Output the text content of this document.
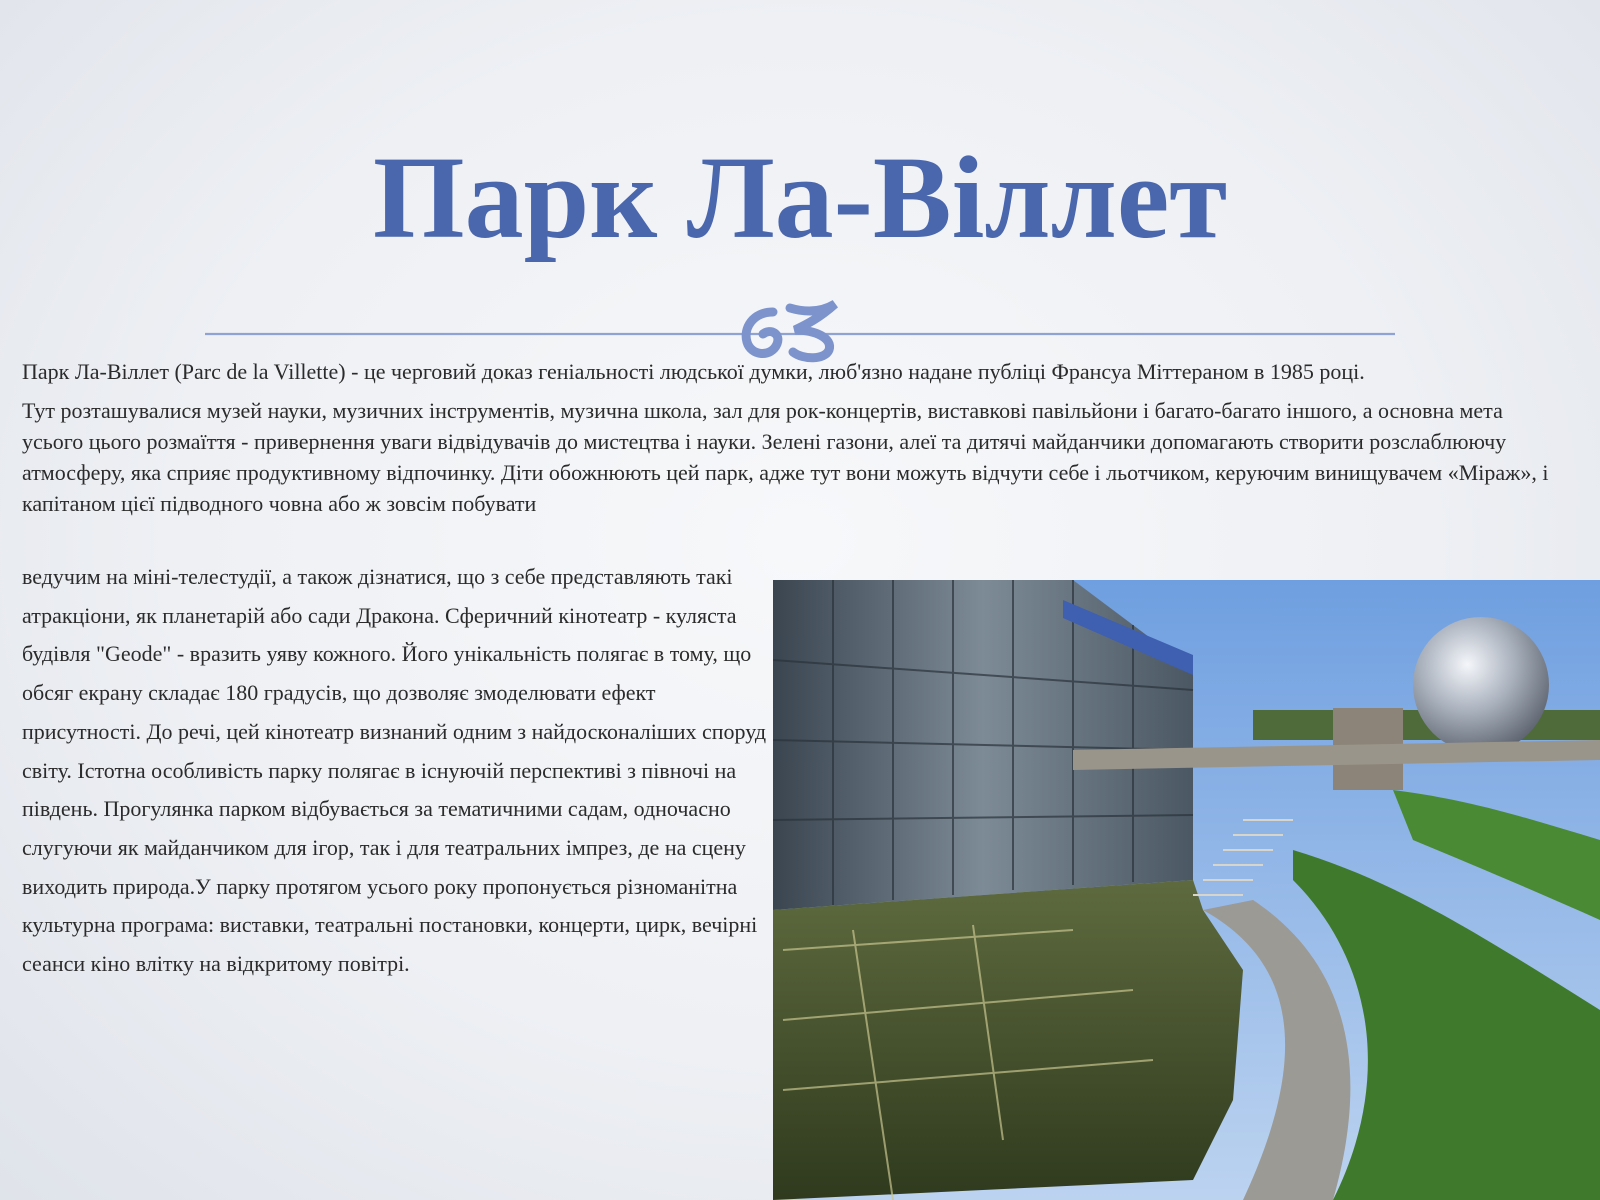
Парк Ла-Віллет

Парк Ла-Віллет (Parc de la Villette) - це черговий доказ геніальності людської думки, люб'язно надане публіці Франсуа Міттераном в 1985 році.

Тут розташувалися музей науки, музичних інструментів, музична школа, зал для рок-концертів, виставкові павільйони і багато-багато іншого, а основна мета усього цього розмаїття - привернення уваги відвідувачів до мистецтва і науки. Зелені газони, алеї та дитячі майданчики допомагають створити розслаблюючу атмосферу, яка сприяє продуктивному відпочинку. Діти обожнюють цей парк, адже тут вони можуть відчути себе і льотчиком, керуючим винищувачем «Міраж», і капітаном цієї підводного човна або ж зовсім побувати

ведучим на міні-телестудії, а також дізнатися, що з себе представляють такі атракціони, як планетарій або сади Дракона. Сферичний кінотеатр - куляста будівля "Geode" - вразить уяву кожного. Його унікальність полягає в тому, що обсяг екрану складає 180 градусів, що дозволяє змоделювати ефект присутності. До речі, цей кінотеатр визнаний одним з найдосконаліших споруд світу. Істотна особливість парку полягає в існуючій перспективі з півночі на південь. Прогулянка парком відбувається за тематичними садам, одночасно слугуючи як майданчиком для ігор, так і для театральних імпрез, де на сцену виходить природа.У парку протягом усього року пропонується різноманітна культурна програма: виставки, театральні постановки, концерти, цирк, вечірні сеанси кіно влітку на відкритому повітрі.
